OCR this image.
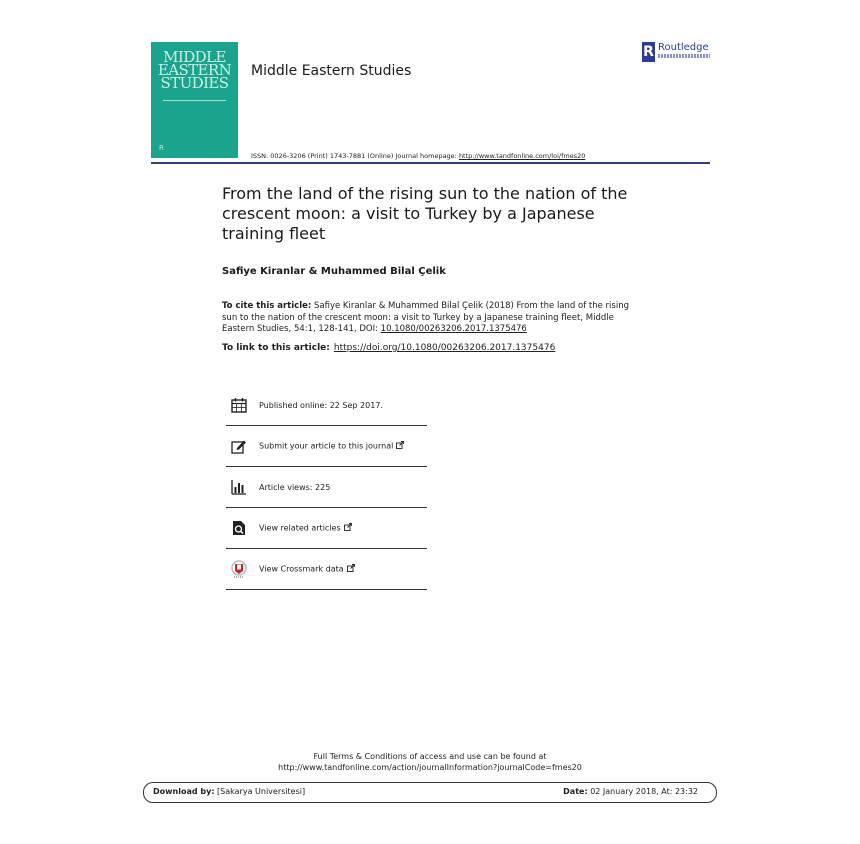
MIDDLE
EASTERN
STUDIES
R
Middle Eastern Studies
R Routledge
ISSN: 0026-3206 (Print) 1743-7881 (Online) Journal homepage: http://www.tandfonline.com/loi/fmes20
From the land of the rising sun to the nation of the crescent moon: a visit to Turkey by a Japanese training fleet
Safiye Kiranlar & Muhammed Bilal Çelik
To cite this article: Safiye Kiranlar & Muhammed Bilal Çelik (2018) From the land of the rising sun to the nation of the crescent moon: a visit to Turkey by a Japanese training fleet, Middle Eastern Studies, 54:1, 128-141, DOI: 10.1080/00263206.2017.1375476
To link to this article: https://doi.org/10.1080/00263206.2017.1375476
Published online: 22 Sep 2017.
Submit your article to this journal
Article views: 225
View related articles
View Crossmark data
Full Terms & Conditions of access and use can be found at
http://www.tandfonline.com/action/journalInformation?journalCode=fmes20
Download by: [Sakarya Universitesi]	Date: 02 January 2018, At: 23:32
